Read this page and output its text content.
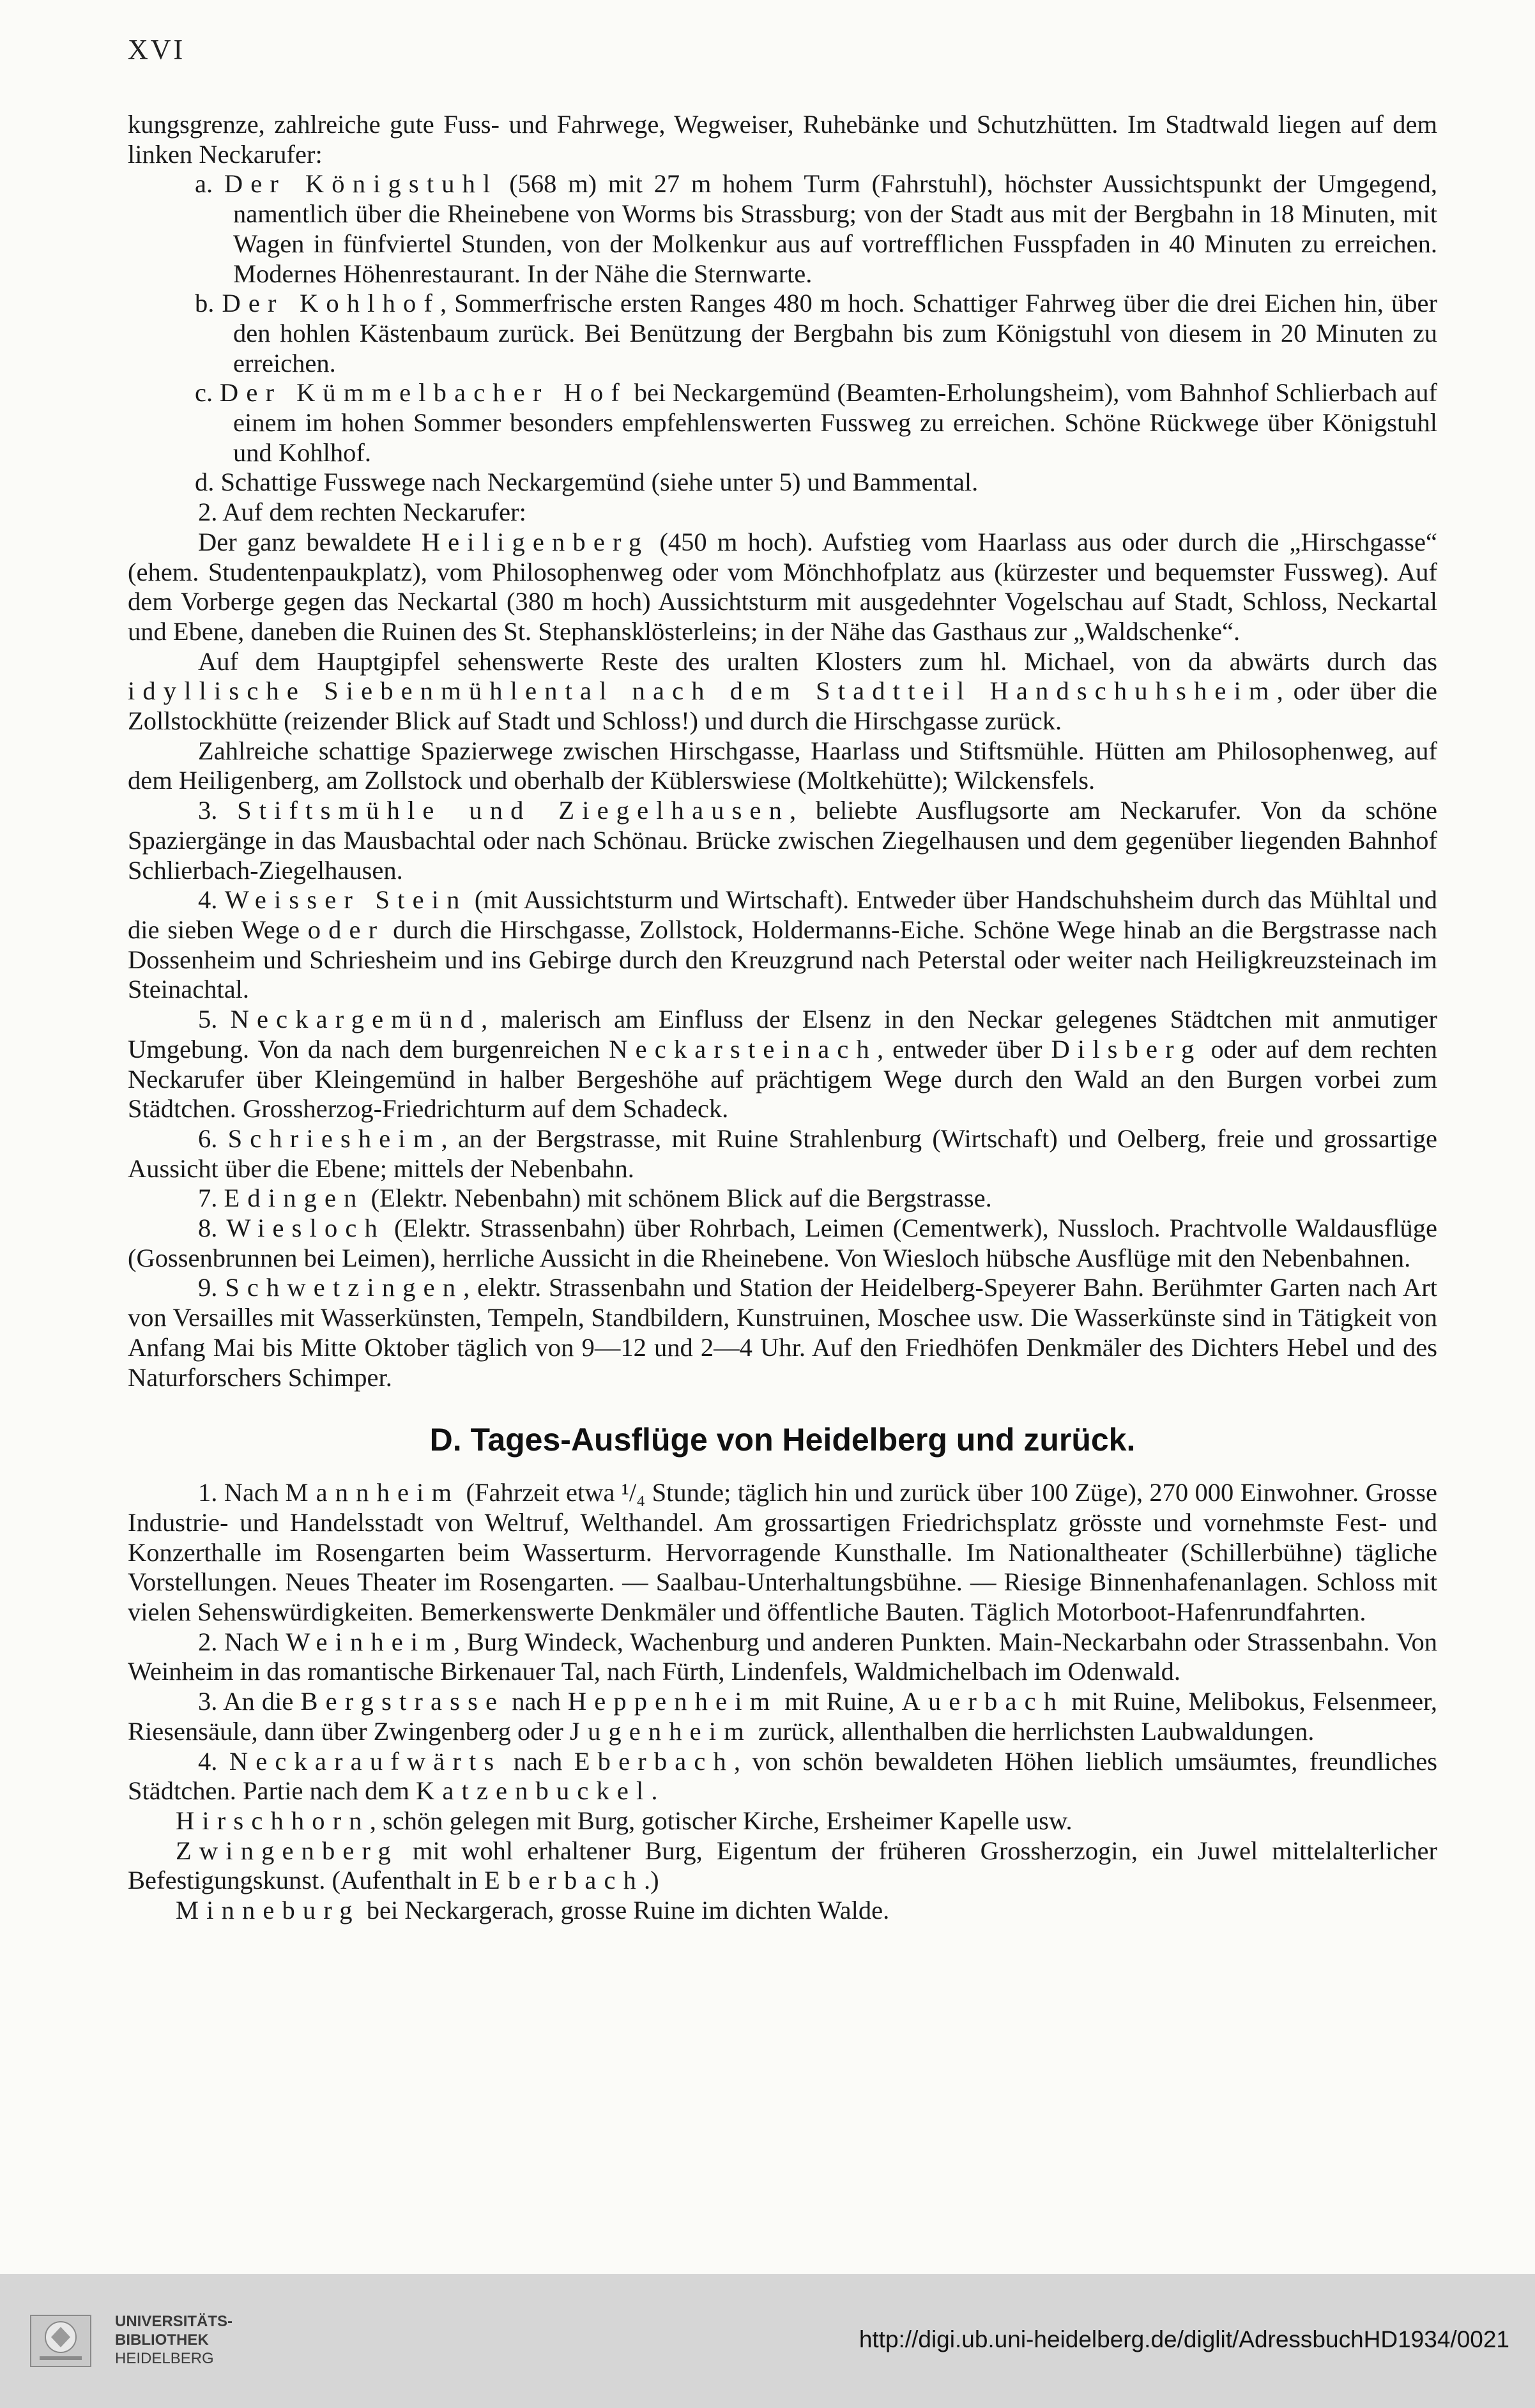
XVI

kungsgrenze, zahlreiche gute Fuss- und Fahrwege, Wegweiser, Ruhebänke und Schutzhütten. Im Stadtwald liegen auf dem linken Neckarufer:

a. Der Königstuhl (568 m) mit 27 m hohem Turm (Fahrstuhl), höchster Aussichtspunkt der Umgegend, namentlich über die Rheinebene von Worms bis Strassburg; von der Stadt aus mit der Bergbahn in 18 Minuten, mit Wagen in fünfviertel Stunden, von der Molkenkur aus auf vortrefflichen Fusspfaden in 40 Minuten zu erreichen. Modernes Höhenrestaurant. In der Nähe die Sternwarte.

b. Der Kohlhof, Sommerfrische ersten Ranges 480 m hoch. Schattiger Fahrweg über die drei Eichen hin, über den hohlen Kästenbaum zurück. Bei Benützung der Bergbahn bis zum Königstuhl von diesem in 20 Minuten zu erreichen.

c. Der Kümmelbacher Hof bei Neckargemünd (Beamten-Erholungsheim), vom Bahnhof Schlierbach auf einem im hohen Sommer besonders empfehlenswerten Fussweg zu erreichen. Schöne Rückwege über Königstuhl und Kohlhof.

d. Schattige Fusswege nach Neckargemünd (siehe unter 5) und Bammental.

2. Auf dem rechten Neckarufer:

Der ganz bewaldete Heiligenberg (450 m hoch). Aufstieg vom Haarlass aus oder durch die „Hirschgasse“ (ehem. Studentenpaukplatz), vom Philosophenweg oder vom Mönchhofplatz aus (kürzester und bequemster Fussweg). Auf dem Vorberge gegen das Neckartal (380 m hoch) Aussichtsturm mit ausgedehnter Vogelschau auf Stadt, Schloss, Neckartal und Ebene, daneben die Ruinen des St. Stephansklösterleins; in der Nähe das Gasthaus zur „Waldschenke“.

Auf dem Hauptgipfel sehenswerte Reste des uralten Klosters zum hl. Michael, von da abwärts durch das idyllische Siebenmühlental nach dem Stadtteil Handschuhsheim, oder über die Zollstockhütte (reizender Blick auf Stadt und Schloss!) und durch die Hirschgasse zurück.

Zahlreiche schattige Spazierwege zwischen Hirschgasse, Haarlass und Stiftsmühle. Hütten am Philosophenweg, auf dem Heiligenberg, am Zollstock und oberhalb der Küblerswiese (Moltkehütte); Wilckensfels.

3. Stiftsmühle und Ziegelhausen, beliebte Ausflugsorte am Neckarufer. Von da schöne Spaziergänge in das Mausbachtal oder nach Schönau. Brücke zwischen Ziegelhausen und dem gegenüber liegenden Bahnhof Schlierbach-Ziegelhausen.

4. Weisser Stein (mit Aussichtsturm und Wirtschaft). Entweder über Handschuhsheim durch das Mühltal und die sieben Wege oder durch die Hirschgasse, Zollstock, Holdermanns-Eiche. Schöne Wege hinab an die Bergstrasse nach Dossenheim und Schriesheim und ins Gebirge durch den Kreuzgrund nach Peterstal oder weiter nach Heiligkreuzsteinach im Steinachtal.

5. Neckargemünd, malerisch am Einfluss der Elsenz in den Neckar gelegenes Städtchen mit anmutiger Umgebung. Von da nach dem burgenreichen Neckarsteinach, entweder über Dilsberg oder auf dem rechten Neckarufer über Kleingemünd in halber Bergeshöhe auf prächtigem Wege durch den Wald an den Burgen vorbei zum Städtchen. Grossherzog-Friedrichturm auf dem Schadeck.

6. Schriesheim, an der Bergstrasse, mit Ruine Strahlenburg (Wirtschaft) und Oelberg, freie und grossartige Aussicht über die Ebene; mittels der Nebenbahn.

7. Edingen (Elektr. Nebenbahn) mit schönem Blick auf die Bergstrasse.

8. Wiesloch (Elektr. Strassenbahn) über Rohrbach, Leimen (Cementwerk), Nussloch. Prachtvolle Waldausflüge (Gossenbrunnen bei Leimen), herrliche Aussicht in die Rheinebene. Von Wiesloch hübsche Ausflüge mit den Nebenbahnen.

9. Schwetzingen, elektr. Strassenbahn und Station der Heidelberg-Speyerer Bahn. Berühmter Garten nach Art von Versailles mit Wasserkünsten, Tempeln, Standbildern, Kunstruinen, Moschee usw. Die Wasserkünste sind in Tätigkeit von Anfang Mai bis Mitte Oktober täglich von 9—12 und 2—4 Uhr. Auf den Friedhöfen Denkmäler des Dichters Hebel und des Naturforschers Schimper.

D. Tages-Ausflüge von Heidelberg und zurück.

1. Nach Mannheim (Fahrzeit etwa ¹/₄ Stunde; täglich hin und zurück über 100 Züge), 270 000 Einwohner. Grosse Industrie- und Handelsstadt von Weltruf, Welthandel. Am grossartigen Friedrichsplatz grösste und vornehmste Fest- und Konzerthalle im Rosengarten beim Wasserturm. Hervorragende Kunsthalle. Im Nationaltheater (Schillerbühne) tägliche Vorstellungen. Neues Theater im Rosengarten. — Saalbau-Unterhaltungsbühne. — Riesige Binnenhafenanlagen. Schloss mit vielen Sehenswürdigkeiten. Bemerkenswerte Denkmäler und öffentliche Bauten. Täglich Motorboot-Hafenrundfahrten.

2. Nach Weinheim, Burg Windeck, Wachenburg und anderen Punkten. Main-Neckarbahn oder Strassenbahn. Von Weinheim in das romantische Birkenauer Tal, nach Fürth, Lindenfels, Waldmichelbach im Odenwald.

3. An die Bergstrasse nach Heppenheim mit Ruine, Auerbach mit Ruine, Melibokus, Felsenmeer, Riesensäule, dann über Zwingenberg oder Jugenheim zurück, allenthalben die herrlichsten Laubwaldungen.

4. Neckaraufwärts nach Eberbach, von schön bewaldeten Höhen lieblich umsäumtes, freundliches Städtchen. Partie nach dem Katzenbuckel.

Hirschhorn, schön gelegen mit Burg, gotischer Kirche, Ersheimer Kapelle usw.

Zwingenberg mit wohl erhaltener Burg, Eigentum der früheren Grossherzogin, ein Juwel mittelalterlicher Befestigungskunst. (Aufenthalt in Eberbach.)

Minneburg bei Neckargerach, grosse Ruine im dichten Walde.

UNIVERSITÄTS-
BIBLIOTHEK
HEIDELBERG
http://digi.ub.uni-heidelberg.de/diglit/AdressbuchHD1934/0021
